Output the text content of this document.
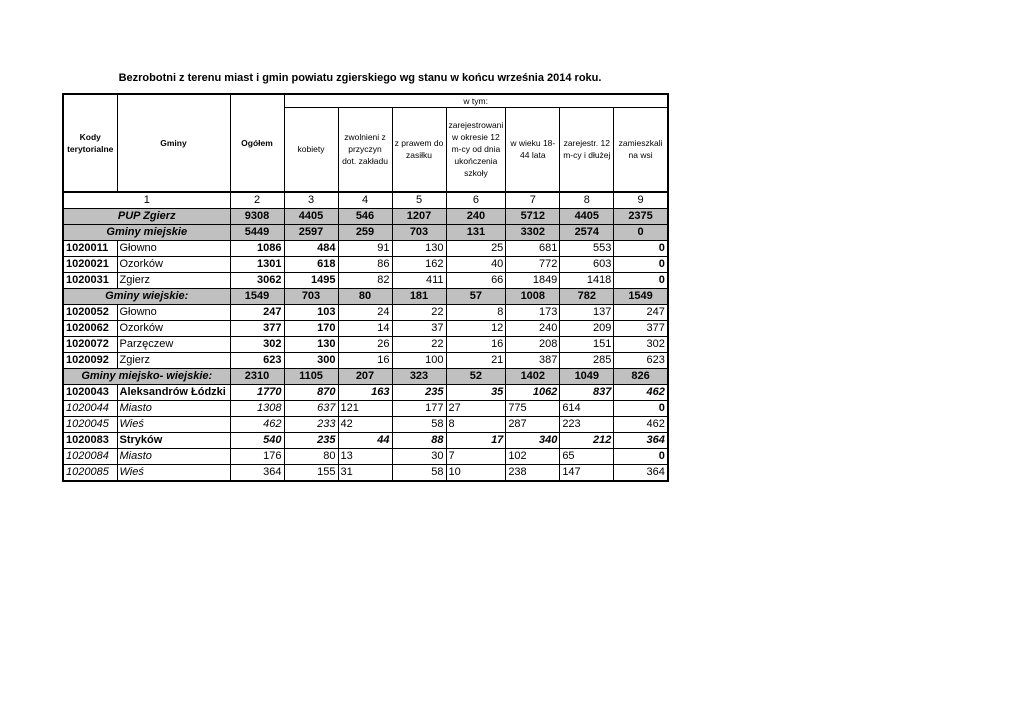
Bezrobotni z terenu miast i gmin powiatu zgierskiego wg stanu w końcu września 2014 roku.
Kody terytorialne	Gminy	Ogółem	w tym:						
			kobiety	zwolnieni z przyczyn dot. zakładu	z prawem do zasiłku	zarejestrowani w okresie 12 m-cy od dnia ukończenia szkoły	w wieku 18-44 lata	zarejestr. 12 m-cy i dłużej	zamieszkali na wsi
1		2	3	4	5	6	7	8	9
PUP Zgierz		9308	4405	546	1207	240	5712	4405	2375
Gminy miejskie		5449	2597	259	703	131	3302	2574	0
1020011	Głowno	1086	484	91	130	25	681	553	0
1020021	Ozorków	1301	618	86	162	40	772	603	0
1020031	Zgierz	3062	1495	82	411	66	1849	1418	0
Gminy wiejskie:		1549	703	80	181	57	1008	782	1549
1020052	Głowno	247	103	24	22	8	173	137	247
1020062	Ozorków	377	170	14	37	12	240	209	377
1020072	Parzęczew	302	130	26	22	16	208	151	302
1020092	Zgierz	623	300	16	100	21	387	285	623
Gminy miejsko- wiejskie:		2310	1105	207	323	52	1402	1049	826
1020043	Aleksandrów Łódzki	1770	870	163	235	35	1062	837	462
1020044	Miasto	1308	637	121	177	27	775	614	0
1020045	Wieś	462	233	42	58	8	287	223	462
1020083	Stryków	540	235	44	88	17	340	212	364
1020084	Miasto	176	80	13	30	7	102	65	0
1020085	Wieś	364	155	31	58	10	238	147	364
